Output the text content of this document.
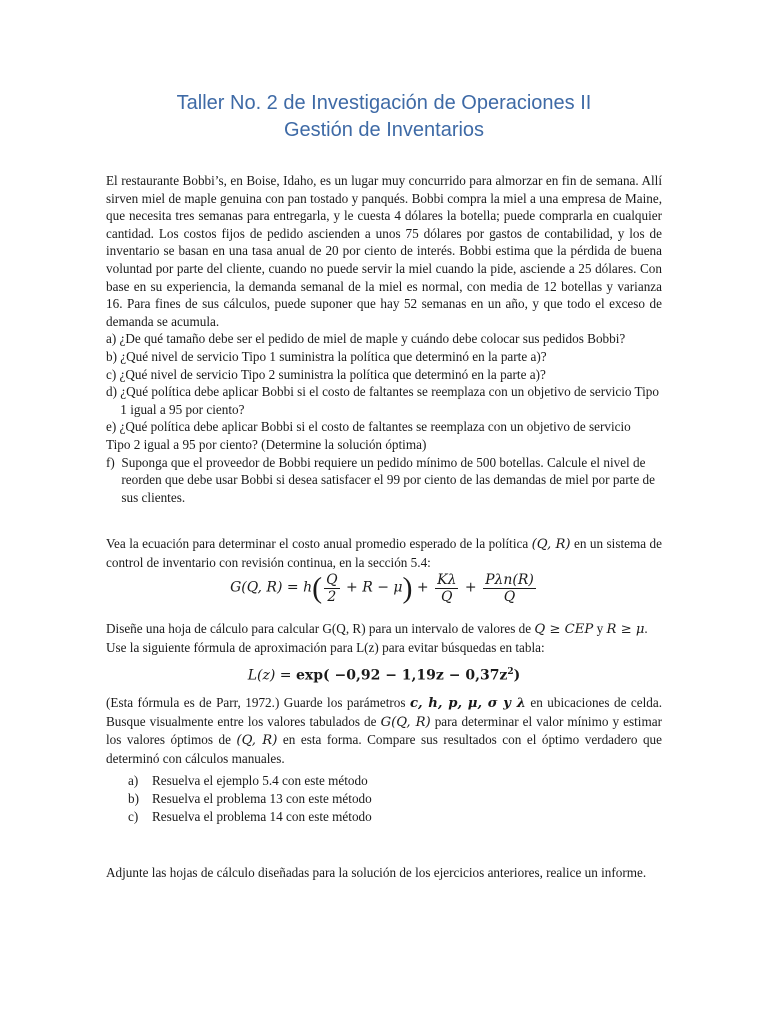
Taller No. 2 de Investigación de Operaciones II
Gestión de Inventarios

El restaurante Bobbi’s, en Boise, Idaho, es un lugar muy concurrido para almorzar en fin de semana. Allí sirven miel de maple genuina con pan tostado y panqués. Bobbi compra la miel a una empresa de Maine, que necesita tres semanas para entregarla, y le cuesta 4 dólares la botella; puede comprarla en cualquier cantidad. Los costos fijos de pedido ascienden a unos 75 dólares por gastos de contabilidad, y los de inventario se basan en una tasa anual de 20 por ciento de interés. Bobbi estima que la pérdida de buena voluntad por parte del cliente, cuando no puede servir la miel cuando la pide, asciende a 25 dólares. Con base en su experiencia, la demanda semanal de la miel es normal, con media de 12 botellas y varianza 16. Para fines de sus cálculos, puede suponer que hay 52 semanas en un año, y que todo el exceso de demanda se acumula.

a) ¿De qué tamaño debe ser el pedido de miel de maple y cuándo debe colocar sus pedidos Bobbi?
b) ¿Qué nivel de servicio Tipo 1 suministra la política que determinó en la parte a)?
c) ¿Qué nivel de servicio Tipo 2 suministra la política que determinó en la parte a)?
d) ¿Qué política debe aplicar Bobbi si el costo de faltantes se reemplaza con un objetivo de servicio Tipo 1 igual a 95 por ciento?
e) ¿Qué política debe aplicar Bobbi si el costo de faltantes se reemplaza con un objetivo de servicio
Tipo 2 igual a 95 por ciento? (Determine la solución óptima)
f) Suponga que el proveedor de Bobbi requiere un pedido mínimo de 500 botellas. Calcule el nivel de reorden que debe usar Bobbi si desea satisfacer el 99 por ciento de las demandas de miel por parte de sus clientes.

Vea la ecuación para determinar el costo anual promedio esperado de la política (Q, R) en un sistema de control de inventario con revisión continua, en la sección 5.4:

G(Q, $R) = h( \frac{Q}{2} + R - \mu) + \frac{K\lambda}{Q} + \frac{\text{Pλn(R)}}{Q}$

Diseñe una hoja de cálculo para calcular G(Q, R) para un intervalo de valores de Q ≥ CEP y R ≥ μ.

Use la siguiente fórmula de aproximación para L(z) para evitar búsquedas en tabla:

$L(z) = \exp( -0,92 - 1,19z - 0,37z^2)$

(Esta fórmula es de Parr, 1972.) Guarde los parámetros c, h, p, μ, σ y λ en ubicaciones de celda. Busque visualmente entre los valores tabulados de G(Q, R) para determinar el valor mínimo y estimar los valores óptimos de (Q, R) en esta forma. Compare sus resultados con el óptimo verdadero que determinó con cálculos manuales.

a)	Resuelva el ejemplo 5.4 con este método
b) Resuelva el problema 13 con este método
c)	Resuelva el problema 14 con este método

Adjunte las hojas de cálculo diseñadas para la solución de los ejercicios anteriores, realice un informe.
